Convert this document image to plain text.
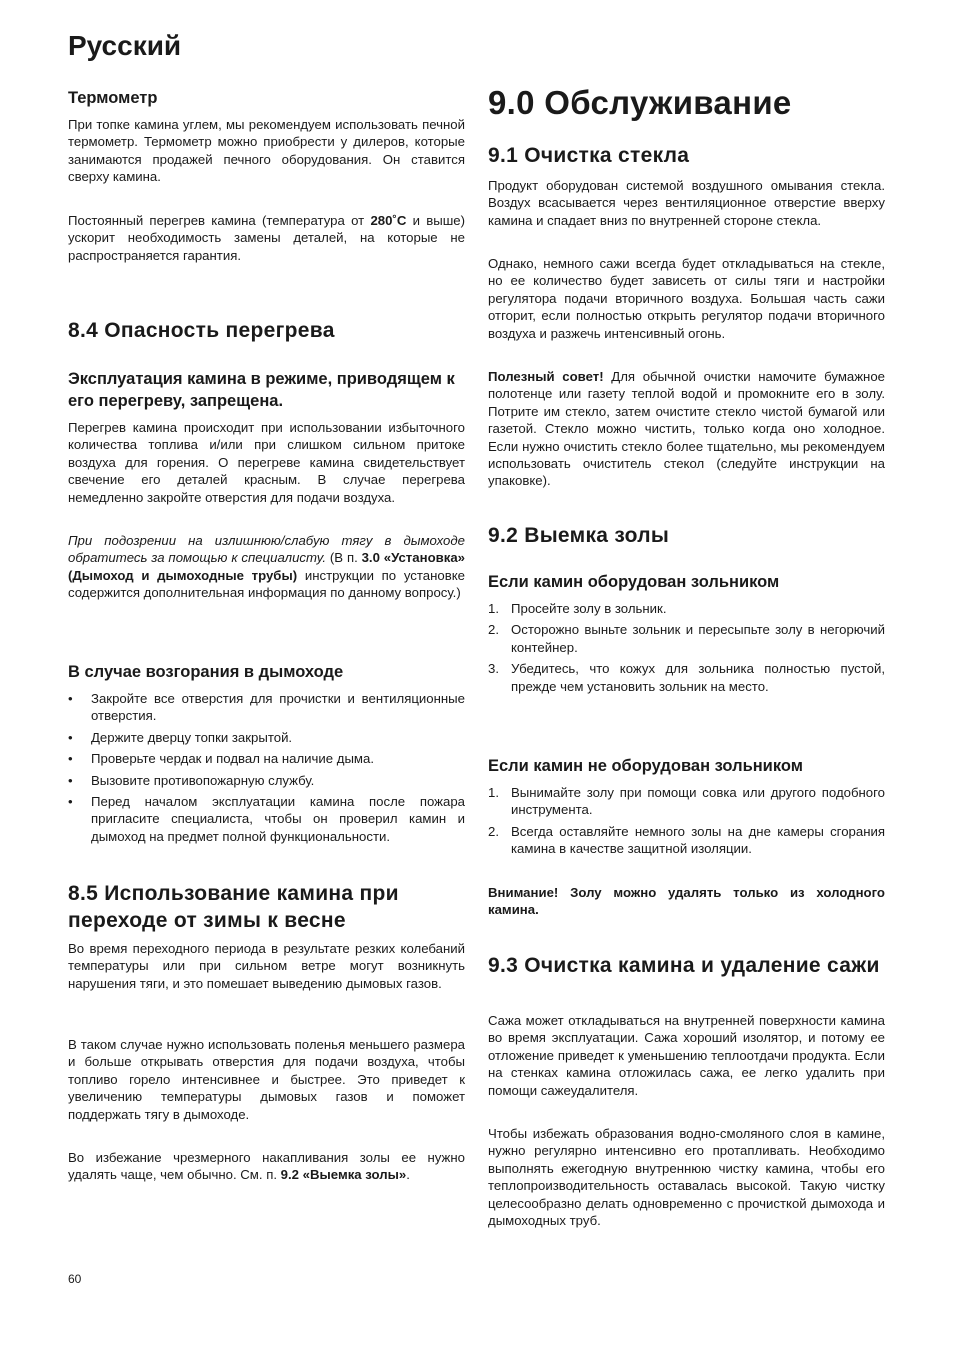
Русский
Термометр

При топке камина углем, мы рекомендуем использовать печной термометр. Термометр можно приобрести у дилеров, которые занимаются продажей печного оборудования. Он ставится сверху камина.

Постоянный перегрев камина (температура от 280˚C и выше) ускорит необходимость замены деталей, на которые не распространяется гарантия.

8.4 Опасность перегрева
Эксплуатация камина в режиме, приводящем к его перегреву, запрещена.

Перегрев камина происходит при использовании избыточного количества топлива и/или при слишком сильном притоке воздуха для горения. О перегреве камина свидетельствует свечение его деталей красным. В случае перегрева немедленно закройте отверстия для подачи воздуха.

При подозрении на излишнюю/слабую тягу в дымоходе обратитесь за помощью к специалисту. (В п. 3.0 «Установка» (Дымоход и дымоходные трубы) инструкции по установке содержится дополнительная информация по данному вопросу.)

В случае возгорания в дымоходе
• Закройте все отверстия для прочистки и вентиляционные отверстия.
• Держите дверцу топки закрытой.
• Проверьте чердак и подвал на наличие дыма.
• Вызовите противопожарную службу.
• Перед началом эксплуатации камина после пожара пригласите специалиста, чтобы он проверил камин и дымоход на предмет полной функциональности.
8.5 Использование камина при переходе от зимы к весне

Во время переходного периода в результате резких колебаний температуры или при сильном ветре могут возникнуть нарушения тяги, и это помешает выведению дымовых газов.

В таком случае нужно использовать поленья меньшего размера и больше открывать отверстия для подачи воздуха, чтобы топливо горело интенсивнее и быстрее. Это приведет к увеличению температуры дымовых газов и поможет поддержать тягу в дымоходе.

Во избежание чрезмерного накапливания золы ее нужно удалять чаще, чем обычно. См. п. 9.2 «Выемка золы».

9.0 Обслуживание
9.1 Очистка стекла

Продукт оборудован системой воздушного омывания стекла. Воздух всасывается через вентиляционное отверстие вверху камина и спадает вниз по внутренней стороне стекла.

Однако, немного сажи всегда будет откладываться на стекле, но ее количество будет зависеть от силы тяги и настройки регулятора подачи вторичного воздуха. Большая часть сажи отгорит, если полностью открыть регулятор подачи вторичного воздуха и разжечь интенсивный огонь.

Полезный совет! Для обычной очистки намочите бумажное полотенце или газету теплой водой и промокните его в золу. Потрите им стекло, затем очистите стекло чистой бумагой или газетой. Стекло можно чистить, только когда оно холодное. Если нужно очистить стекло более тщательно, мы рекомендуем использовать очиститель стекол (следуйте инструкции на упаковке).

9.2 Выемка золы
Если камин оборудован зольником
1. Просейте золу в зольник.
2. Осторожно выньте зольник и пересыпьте золу в негорючий контейнер.
3. Убедитесь, что кожух для зольника полностью пустой, прежде чем установить зольник на место.
Если камин не оборудован зольником
1. Вынимайте золу при помощи совка или другого подобного инструмента.
2. Всегда оставляйте немного золы на дне камеры сгорания камина в качестве защитной изоляции.

Внимание! Золу можно удалять только из холодного камина.

9.3 Очистка камина и удаление сажи

Сажа может откладываться на внутренней поверхности камина во время эксплуатации. Сажа хороший изолятор, и потому ее отложение приведет к уменьшению теплоотдачи продукта. Если на стенках камина отложилась сажа, ее легко удалить при помощи сажеудалителя.

Чтобы избежать образования водно-смоляного слоя в камине, нужно регулярно интенсивно его протапливать. Необходимо выполнять ежегодную внутреннюю чистку камина, чтобы его теплопроизводительность оставалась высокой. Такую чистку целесообразно делать одновременно с прочисткой дымохода и дымоходных труб.

60
